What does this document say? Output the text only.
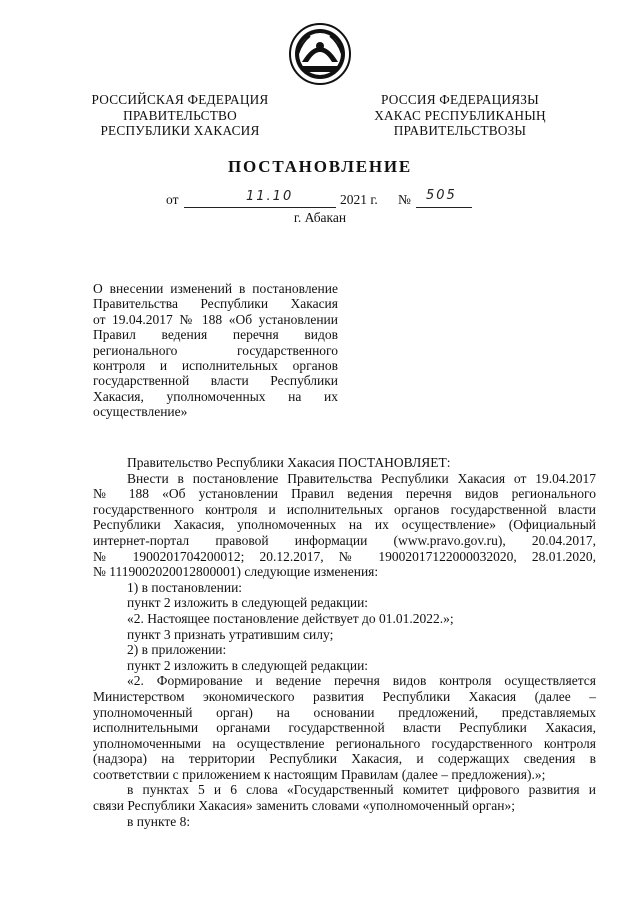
РОССИЙСКАЯ ФЕДЕРАЦИЯ
ПРАВИТЕЛЬСТВО
РЕСПУБЛИКИ ХАКАСИЯ
РОССИЯ ФЕДЕРАЦИЯЗЫ
ХАКАС РЕСПУБЛИКАНЫҢ
ПРАВИТЕЛЬСТВОЗЫ
ПОСТАНОВЛЕНИЕ
от	11.10	2021 г. № 505
г. Абакан
О внесении изменений в постановление
Правительства Республики Хакасия
от 19.04.2017 № 188 «Об установлении
Правил ведения перечня видов
регионального государственного
контроля и исполнительных органов
государственной власти Республики
Хакасия, уполномоченных на их
осуществление»
Правительство Республики Хакасия ПОСТАНОВЛЯЕТ:
Внести в постановление Правительства Республики Хакасия от 19.04.2017
№ 188 «Об установлении Правил ведения перечня видов регионального
государственного контроля и исполнительных органов государственной власти
Республики Хакасия, уполномоченных на их осуществление» (Официальный
интернет-портал правовой информации (www.pravo.gov.ru), 20.04.2017,
№ 1900201704200012; 20.12.2017, № 19002017122000032020, 28.01.2020,
№ 1119002020012800001) следующие изменения:
1) в постановлении:
пункт 2 изложить в следующей редакции:
«2. Настоящее постановление действует до 01.01.2022.»;
пункт 3 признать утратившим силу;
2) в приложении:
пункт 2 изложить в следующей редакции:
«2. Формирование и ведение перечня видов контроля осуществляется
Министерством экономического развития Республики Хакасия (далее –
уполномоченный орган) на основании предложений, представляемых
исполнительными органами государственной власти Республики Хакасия,
уполномоченными на осуществление регионального государственного контроля
(надзора) на территории Республики Хакасия, и содержащих сведения в
соответствии с приложением к настоящим Правилам (далее – предложения).»;
в пунктах 5 и 6 слова «Государственный комитет цифрового развития и
связи Республики Хакасия» заменить словами «уполномоченный орган»;
в пункте 8:
